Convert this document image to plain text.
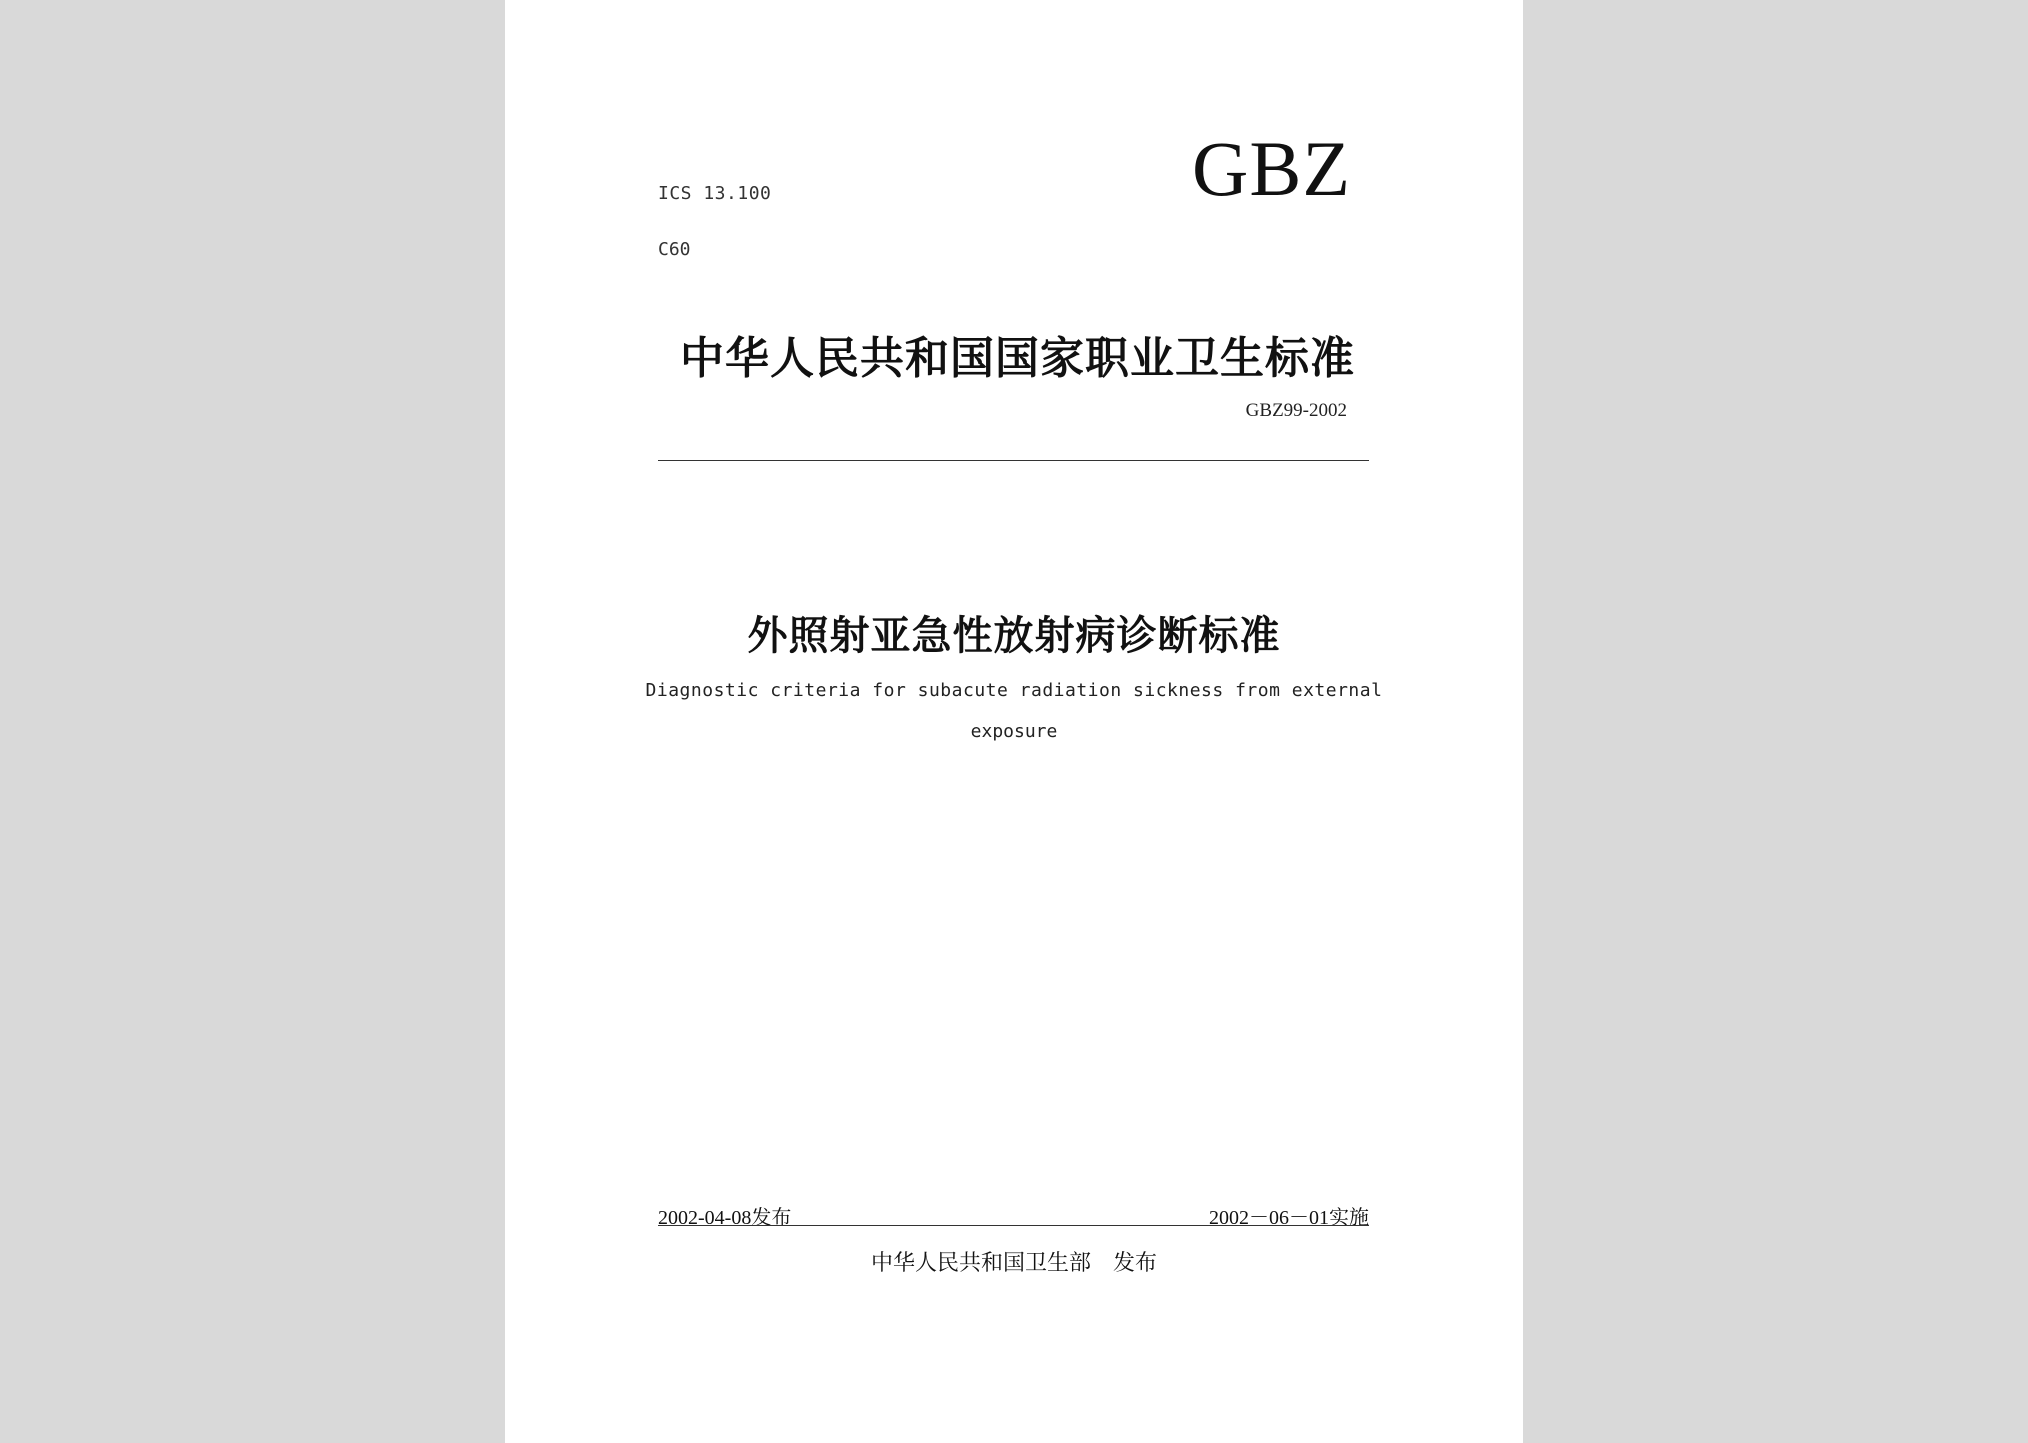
ICS 13.100
C60
GBZ
中华人民共和国国家职业卫生标准
GBZ99-2002
外照射亚急性放射病诊断标准
Diagnostic criteria for subacute radiation sickness from external
exposure
2002-04-08发布	2002－06－01实施
中华人民共和国卫生部　发布
